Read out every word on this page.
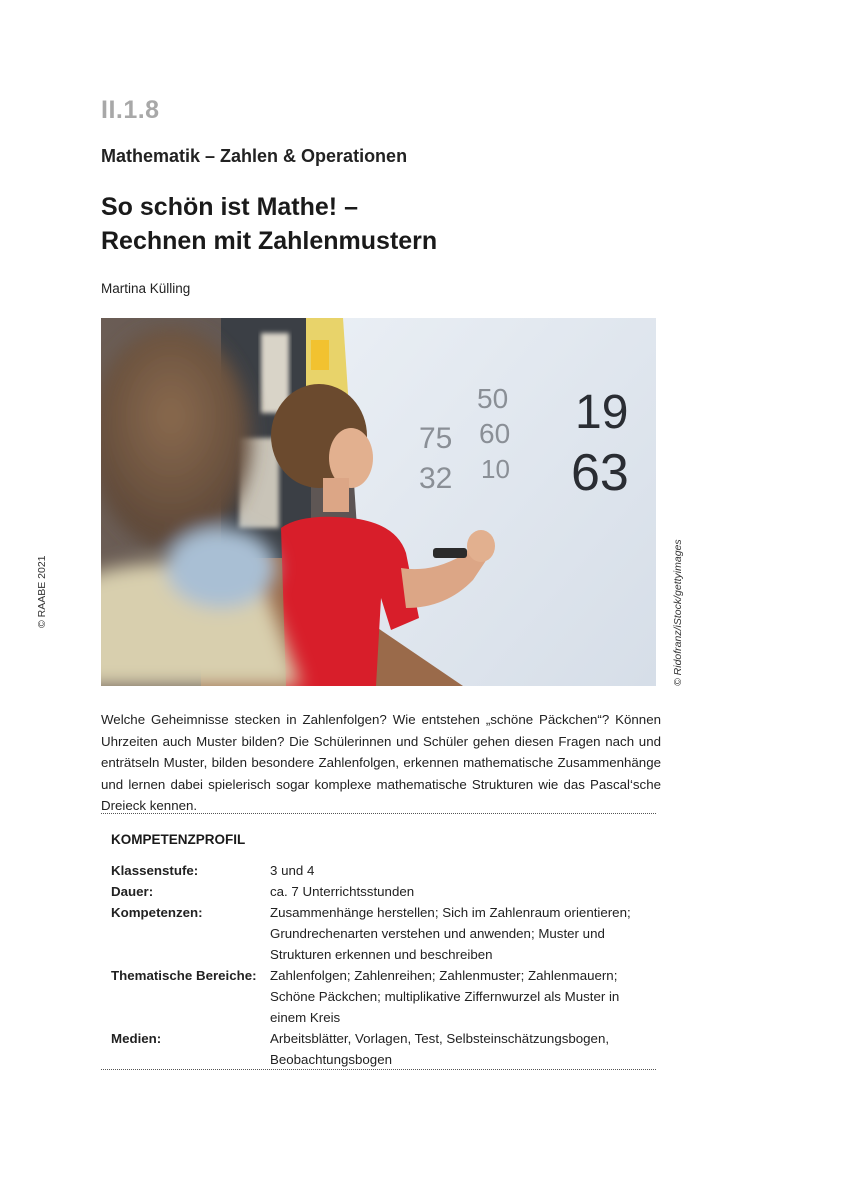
II.1.8
Mathematik – Zahlen & Operationen
So schön ist Mathe! –
Rechnen mit Zahlenmustern
Martina Külling
© RAABE 2021
75
32
50
60
10
19
63
© Ridofranz/iStock/gettyimages
Welche Geheimnisse stecken in Zahlenfolgen? Wie entstehen „schöne Päckchen“? Können Uhrzeiten auch Muster bilden? Die Schülerinnen und Schüler gehen diesen Fragen nach und enträtseln Muster, bilden besondere Zahlenfolgen, erkennen mathematische Zusammenhänge und lernen dabei spielerisch sogar komplexe mathematische Strukturen wie das Pascal‘sche Dreieck kennen.
KOMPETENZPROFIL
Klassenstufe:	3 und 4
Dauer:	ca. 7 Unterrichtsstunden
Kompetenzen:	Zusammenhänge herstellen; Sich im Zahlenraum orientieren; Grundrechenarten verstehen und anwenden; Muster und Strukturen erkennen und beschreiben
Thematische Bereiche:	Zahlenfolgen; Zahlenreihen; Zahlenmuster; Zahlenmauern; Schöne Päckchen; multiplikative Ziffernwurzel als Muster in einem Kreis
Medien:	Arbeitsblätter, Vorlagen, Test, Selbsteinschätzungsbogen, Beobachtungsbogen
